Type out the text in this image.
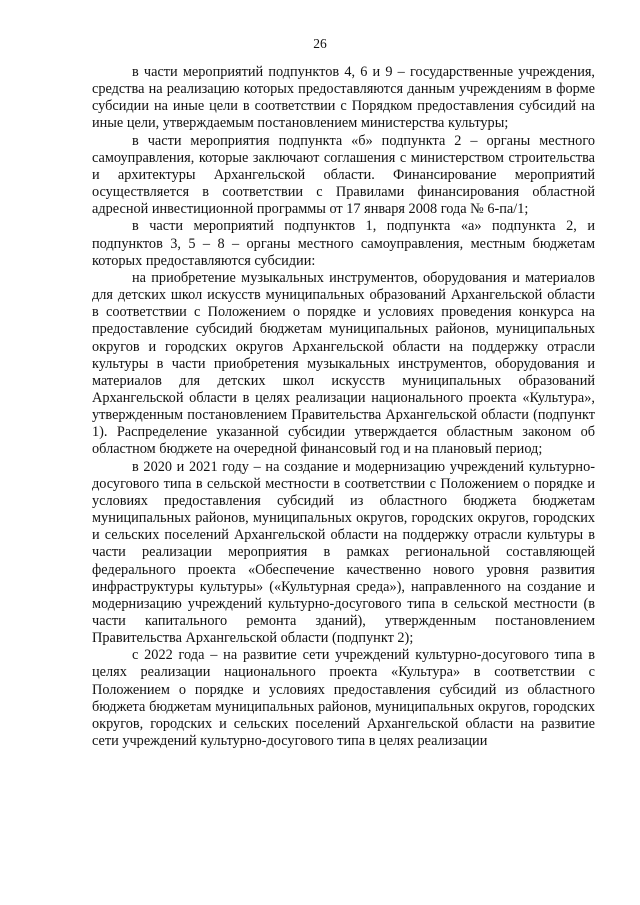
26

в части мероприятий подпунктов 4, 6 и 9 – государственные учреждения, средства на реализацию которых предоставляются данным учреждениям в форме субсидии на иные цели в соответствии с Порядком предоставления субсидий на иные цели, утверждаемым постановлением министерства культуры;

в части мероприятия подпункта «б» подпункта 2 – органы местного самоуправления, которые заключают соглашения с министерством строительства и архитектуры Архангельской области. Финансирование мероприятий осуществляется в соответствии с Правилами финансирования областной адресной инвестиционной программы от 17 января 2008 года № 6-па/1;

в части мероприятий подпунктов 1, подпункта «а» подпункта 2, и подпунктов 3, 5 – 8 – органы местного самоуправления, местным бюджетам которых предоставляются субсидии:

на приобретение музыкальных инструментов, оборудования и материалов для детских школ искусств муниципальных образований Архангельской области в соответствии с Положением о порядке и условиях проведения конкурса на предоставление субсидий бюджетам муниципальных районов, муниципальных округов и городских округов Архангельской области на поддержку отрасли культуры в части приобретения музыкальных инструментов, оборудования и материалов для детских школ искусств муниципальных образований Архангельской области в целях реализации национального проекта «Культура», утвержденным постановлением Правительства Архангельской области (подпункт 1). Распределение указанной субсидии утверждается областным законом об областном бюджете на очередной финансовый год и на плановый период;

в 2020 и 2021 году – на создание и модернизацию учреждений культурно-досугового типа в сельской местности в соответствии с Положением о порядке и условиях предоставления субсидий из областного бюджета бюджетам муниципальных районов, муниципальных округов, городских округов, городских и сельских поселений Архангельской области на поддержку отрасли культуры в части реализации мероприятия в рамках региональной составляющей федерального проекта «Обеспечение качественно нового уровня развития инфраструктуры культуры» («Культурная среда»), направленного на создание и модернизацию учреждений культурно-досугового типа в сельской местности (в части капитального ремонта зданий), утвержденным постановлением Правительства Архангельской области (подпункт 2);

с 2022 года – на развитие сети учреждений культурно-досугового типа в целях реализации национального проекта «Культура» в соответствии с Положением о порядке и условиях предоставления субсидий из областного бюджета бюджетам муниципальных районов, муниципальных округов, городских округов, городских и сельских поселений Архангельской области на развитие сети учреждений культурно-досугового типа в целях реализации
